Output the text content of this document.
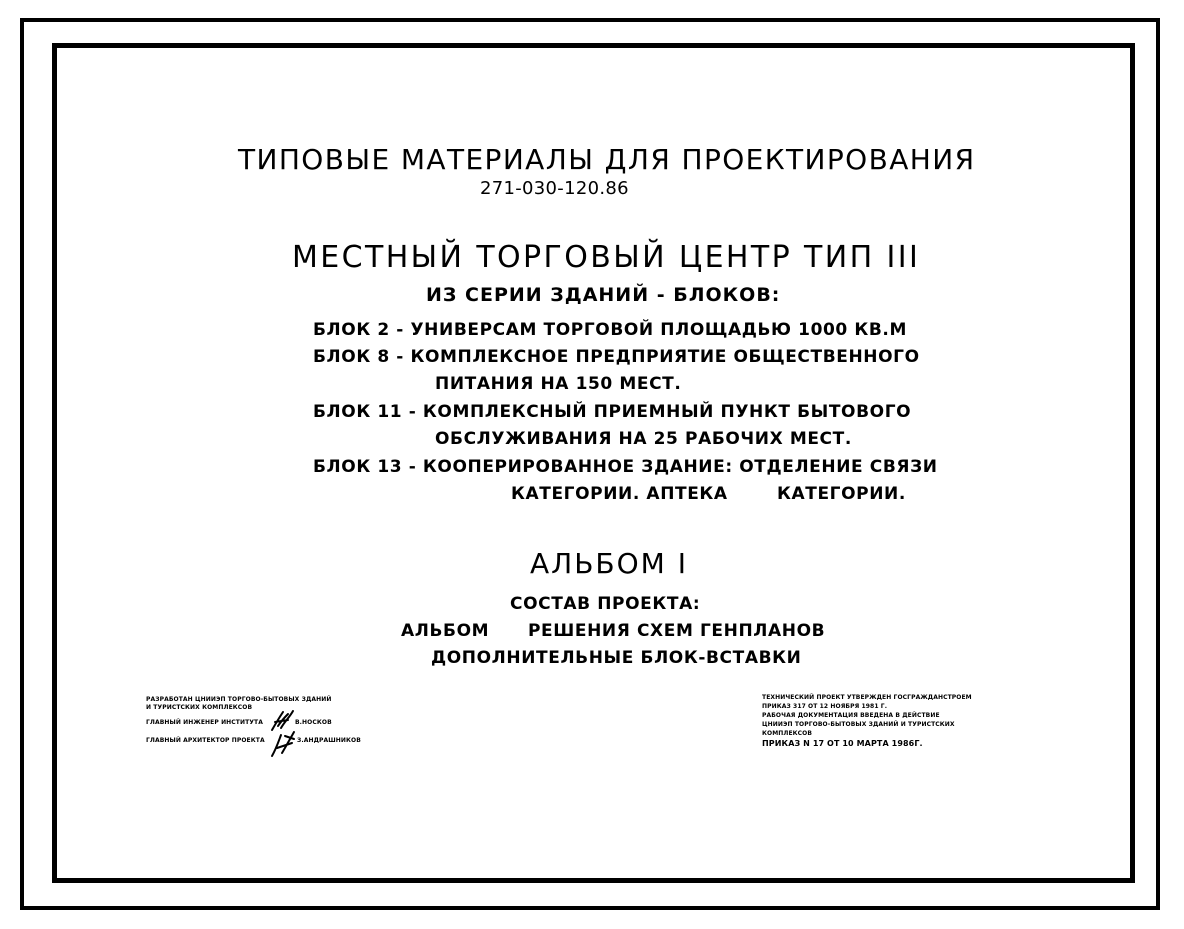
ТИПОВЫЕ МАТЕРИАЛЫ ДЛЯ ПРОЕКТИРОВАНИЯ
271-030-120.86
МЕСТНЫЙ ТОРГОВЫЙ ЦЕНТР ТИП III
ИЗ СЕРИИ ЗДАНИЙ - БЛОКОВ:
БЛОК 2 - УНИВЕРСАМ ТОРГОВОЙ ПЛОЩАДЬЮ 1000 КВ.М
БЛОК 8 - КОМПЛЕКСНОЕ ПРЕДПРИЯТИЕ ОБЩЕСТВЕННОГО
ПИТАНИЯ НА 150 МЕСТ.
БЛОК 11 - КОМПЛЕКСНЫЙ ПРИЕМНЫЙ ПУНКТ БЫТОВОГО
ОБСЛУЖИВАНИЯ НА 25 РАБОЧИХ МЕСТ.
БЛОК 13 - КООПЕРИРОВАННОЕ ЗДАНИЕ: ОТДЕЛЕНИЕ СВЯЗИ
КАТЕГОРИИ. АПТЕКА	КАТЕГОРИИ.
АЛЬБОМ I
СОСТАВ ПРОЕКТА:
АЛЬБОМ РЕШЕНИЯ СХЕМ ГЕНПЛАНОВ
ДОПОЛНИТЕЛЬНЫЕ БЛОК-ВСТАВКИ
РАЗРАБОТАН ЦНИИЭП ТОРГОВО-БЫТОВЫХ ЗДАНИЙ
И ТУРИСТСКИХ КОМПЛЕКСОВ
ГЛАВНЫЙ ИНЖЕНЕР ИНСТИТУТА	В.НОСКОВ
ГЛАВНЫЙ АРХИТЕКТОР ПРОЕКТА	З.АНДРАШНИКОВ
ТЕХНИЧЕСКИЙ ПРОЕКТ УТВЕРЖДЕН ГОСГРАЖДАНСТРОЕМ
ПРИКАЗ 317 ОТ 12 НОЯБРЯ 1981 Г.
РАБОЧАЯ ДОКУМЕНТАЦИЯ ВВЕДЕНА В ДЕЙСТВИЕ
ЦНИИЭП ТОРГОВО-БЫТОВЫХ ЗДАНИЙ И ТУРИСТСКИХ
КОМПЛЕКСОВ
ПРИКАЗ N 17 ОТ 10 МАРТА 1986Г.
